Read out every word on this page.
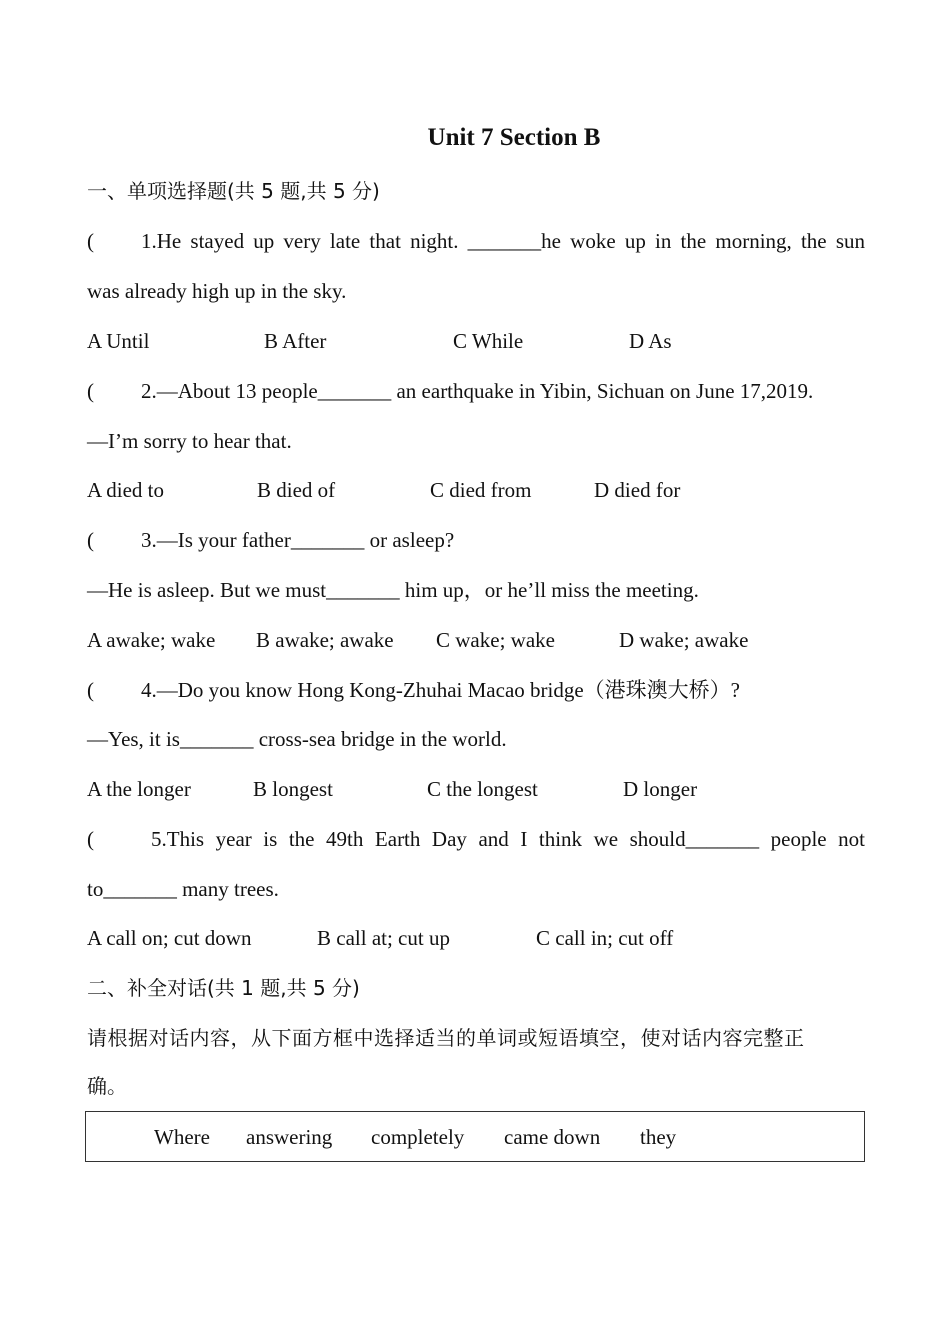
Unit 7 Section B
一、单项选择题(共 5 题,共 5 分)
( 1.He stayed up very late that night. _______he woke up in the morning, the sun
was already high up in the sky.
A Until	B After	C While	D As
( 2.—About 13 people_______ an earthquake in Yibin, Sichuan on June 17,2019.
—I’m sorry to hear that.
A died to	B died of	C died from	D died for
( 3.—Is your father_______ or asleep?
—He is asleep. But we must_______ him up，or he’ll miss the meeting.
A awake; wake B awake; awake C wake; wake	D wake; awake
( 4.—Do you know Hong Kong-Zhuhai Macao bridge（港珠澳大桥）?
—Yes, it is_______ cross-sea bridge in the world.
A the longer	B longest	C the longest	D longer
(	5.This year is the 49th Earth Day and I think we should_______ people not
to_______ many trees.
A call on; cut down	B call at; cut up	C call in; cut off
二、补全对话(共 1 题,共 5 分)
请根据对话内容，从下面方框中选择适当的单词或短语填空，使对话内容完整正
确。
Where answering completely came down they
